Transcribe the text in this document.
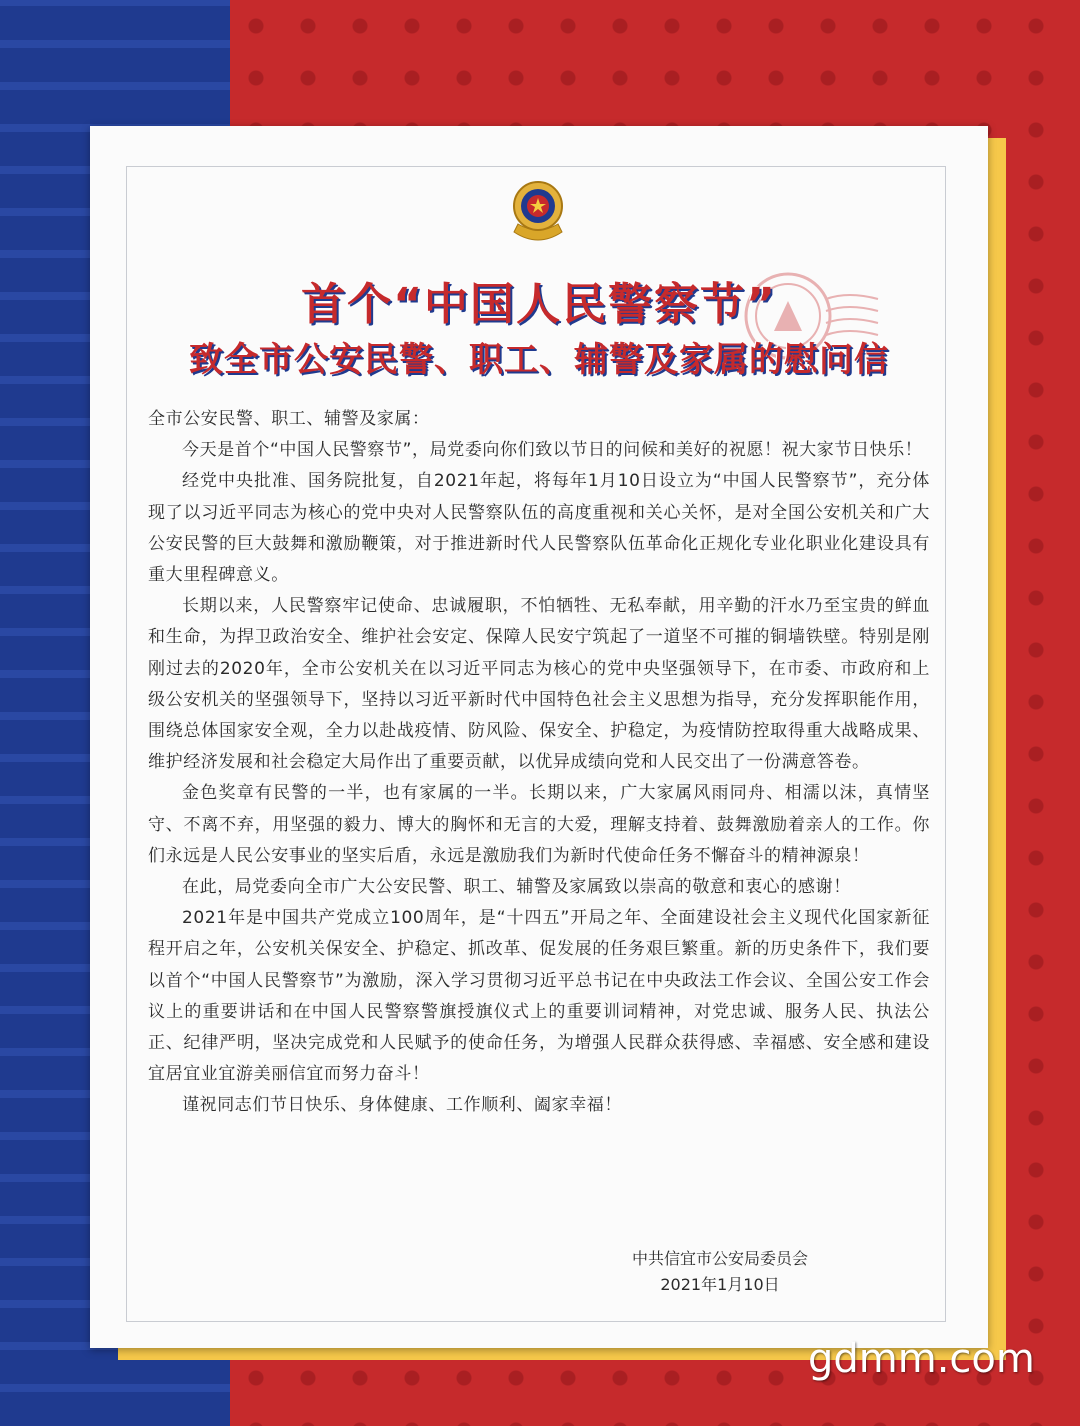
首个“中国人民警察节”
致全市公安民警、职工、辅警及家属的慰问信

全市公安民警、职工、辅警及家属：

今天是首个“中国人民警察节”，局党委向你们致以节日的问候和美好的祝愿！祝大家节日快乐！

经党中央批准、国务院批复，自2021年起，将每年1月10日设立为“中国人民警察节”，充分体现了以习近平同志为核心的党中央对人民警察队伍的高度重视和关心关怀，是对全国公安机关和广大公安民警的巨大鼓舞和激励鞭策，对于推进新时代人民警察队伍革命化正规化专业化职业化建设具有重大里程碑意义。

长期以来，人民警察牢记使命、忠诚履职，不怕牺牲、无私奉献，用辛勤的汗水乃至宝贵的鲜血和生命，为捍卫政治安全、维护社会安定、保障人民安宁筑起了一道坚不可摧的铜墙铁壁。特别是刚刚过去的2020年，全市公安机关在以习近平同志为核心的党中央坚强领导下，在市委、市政府和上级公安机关的坚强领导下，坚持以习近平新时代中国特色社会主义思想为指导，充分发挥职能作用，围绕总体国家安全观，全力以赴战疫情、防风险、保安全、护稳定，为疫情防控取得重大战略成果、维护经济发展和社会稳定大局作出了重要贡献，以优异成绩向党和人民交出了一份满意答卷。

金色奖章有民警的一半，也有家属的一半。长期以来，广大家属风雨同舟、相濡以沫，真情坚守、不离不弃，用坚强的毅力、博大的胸怀和无言的大爱，理解支持着、鼓舞激励着亲人的工作。你们永远是人民公安事业的坚实后盾，永远是激励我们为新时代使命任务不懈奋斗的精神源泉！

在此，局党委向全市广大公安民警、职工、辅警及家属致以崇高的敬意和衷心的感谢！

2021年是中国共产党成立100周年，是“十四五”开局之年、全面建设社会主义现代化国家新征程开启之年，公安机关保安全、护稳定、抓改革、促发展的任务艰巨繁重。新的历史条件下，我们要以首个“中国人民警察节”为激励，深入学习贯彻习近平总书记在中央政法工作会议、全国公安工作会议上的重要讲话和在中国人民警察警旗授旗仪式上的重要训词精神，对党忠诚、服务人民、执法公正、纪律严明，坚决完成党和人民赋予的使命任务，为增强人民群众获得感、幸福感、安全感和建设宜居宜业宜游美丽信宜而努力奋斗！

谨祝同志们节日快乐、身体健康、工作顺利、阖家幸福！

中共信宜市公安局委员会
2021年1月10日
gdmm.com
